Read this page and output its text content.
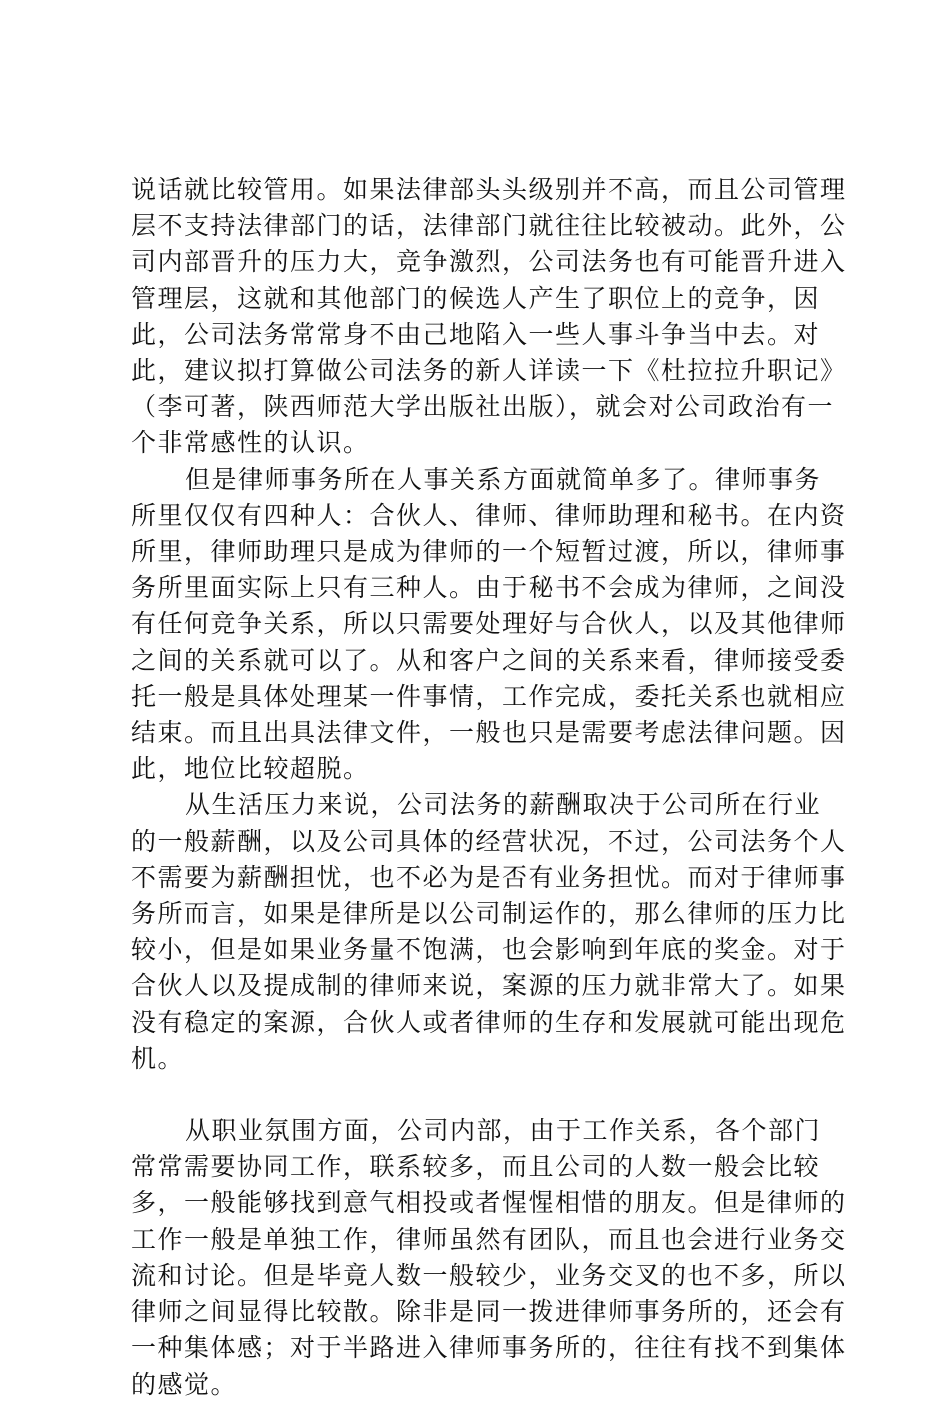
说话就比较管用。如果法律部头头级别并不高，而且公司管理层不支持法律部门的话，法律部门就往往比较被动。此外，公司内部晋升的压力大，竞争激烈，公司法务也有可能晋升进入管理层，这就和其他部门的候选人产生了职位上的竞争，因此，公司法务常常身不由己地陷入一些人事斗争当中去。对此，建议拟打算做公司法务的新人详读一下《杜拉拉升职记》（李可著，陕西师范大学出版社出版），就会对公司政治有一个非常感性的认识。

但是律师事务所在人事关系方面就简单多了。律师事务所里仅仅有四种人：合伙人、律师、律师助理和秘书。在内资所里，律师助理只是成为律师的一个短暂过渡，所以，律师事务所里面实际上只有三种人。由于秘书不会成为律师，之间没有任何竞争关系，所以只需要处理好与合伙人，以及其他律师之间的关系就可以了。从和客户之间的关系来看，律师接受委托一般是具体处理某一件事情，工作完成，委托关系也就相应结束。而且出具法律文件，一般也只是需要考虑法律问题。因此，地位比较超脱。

从生活压力来说，公司法务的薪酬取决于公司所在行业的一般薪酬，以及公司具体的经营状况，不过，公司法务个人不需要为薪酬担忧，也不必为是否有业务担忧。而对于律师事务所而言，如果是律所是以公司制运作的，那么律师的压力比较小，但是如果业务量不饱满，也会影响到年底的奖金。对于合伙人以及提成制的律师来说，案源的压力就非常大了。如果没有稳定的案源，合伙人或者律师的生存和发展就可能出现危机。

从职业氛围方面，公司内部，由于工作关系，各个部门常常需要协同工作，联系较多，而且公司的人数一般会比较多，一般能够找到意气相投或者惺惺相惜的朋友。但是律师的工作一般是单独工作，律师虽然有团队，而且也会进行业务交流和讨论。但是毕竟人数一般较少，业务交叉的也不多，所以律师之间显得比较散。除非是同一拨进律师事务所的，还会有一种集体感；对于半路进入律师事务所的，往往有找不到集体的感觉。
